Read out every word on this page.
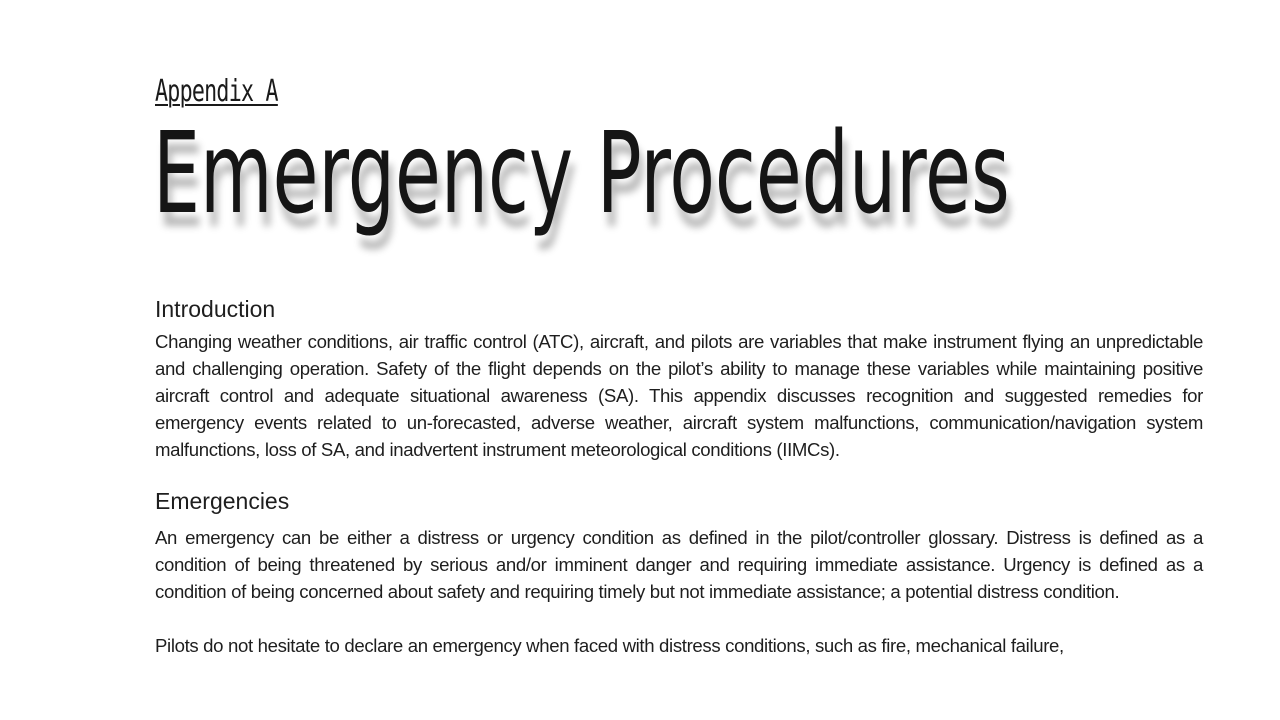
Appendix A
Emergency Procedures
Introduction

Changing weather conditions, air traffic control (ATC), aircraft, and pilots are variables that make instrument flying an unpredictable and challenging operation. Safety of the flight depends on the pilot’s ability to manage these variables while maintaining positive aircraft control and adequate situational awareness (SA). This appendix discusses recognition and suggested remedies for emergency events related to un-forecasted, adverse weather, aircraft system malfunctions, communication/navigation system malfunctions, loss of SA, and inadvertent instrument meteorological conditions (IIMCs).

Emergencies

An emergency can be either a distress or urgency condition as defined in the pilot/controller glossary. Distress is defined as a condition of being threatened by serious and/or imminent danger and requiring immediate assistance. Urgency is defined as a condition of being concerned about safety and requiring timely but not immediate assistance; a potential distress condition.

Pilots do not hesitate to declare an emergency when faced with distress conditions, such as fire, mechanical failure,
